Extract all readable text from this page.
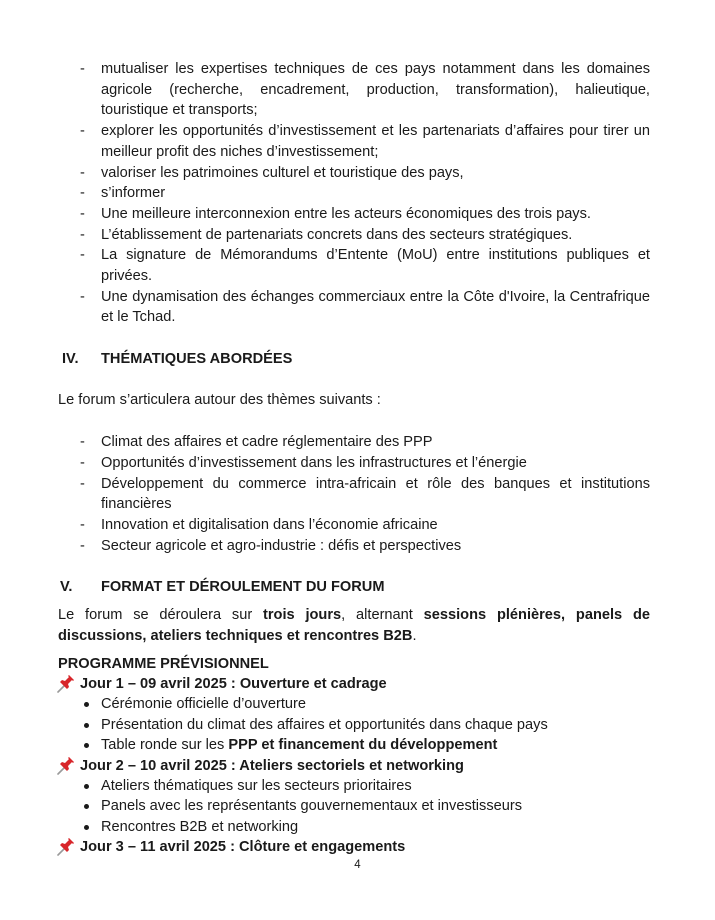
- mutualiser les expertises techniques de ces pays notamment dans les domaines agricole (recherche, encadrement, production, transformation), halieutique, touristique et transports;
- explorer les opportunités d’investissement et les partenariats d’affaires pour tirer un meilleur profit des niches d’investissement;
- valoriser les patrimoines culturel et touristique des pays,
- s’informer
- Une meilleure interconnexion entre les acteurs économiques des trois pays.
- L’établissement de partenariats concrets dans des secteurs stratégiques.
- La signature de Mémorandums d’Entente (MoU) entre institutions publiques et privées.
- Une dynamisation des échanges commerciaux entre la Côte d'Ivoire, la Centrafrique et le Tchad.
IV.	THÉMATIQUES ABORDÉES

Le forum s’articulera autour des thèmes suivants :

- Climat des affaires et cadre réglementaire des PPP
- Opportunités d’investissement dans les infrastructures et l’énergie
- Développement du commerce intra-africain et rôle des banques et institutions financières
- Innovation et digitalisation dans l’économie africaine
- Secteur agricole et agro-industrie : défis et perspectives
V.	FORMAT ET DÉROULEMENT DU FORUM

Le forum se déroulera sur trois jours, alternant sessions plénières, panels de discussions, ateliers techniques et rencontres B2B.

PROGRAMME PRÉVISIONNEL
Jour 1 – 09 avril 2025 : Ouverture et cadrage
Cérémonie officielle d’ouverture
Présentation du climat des affaires et opportunités dans chaque pays
Table ronde sur les PPP et financement du développement
Jour 2 – 10 avril 2025 : Ateliers sectoriels et networking
Ateliers thématiques sur les secteurs prioritaires
Panels avec les représentants gouvernementaux et investisseurs
Rencontres B2B et networking
Jour 3 – 11 avril 2025 : Clôture et engagements
4
